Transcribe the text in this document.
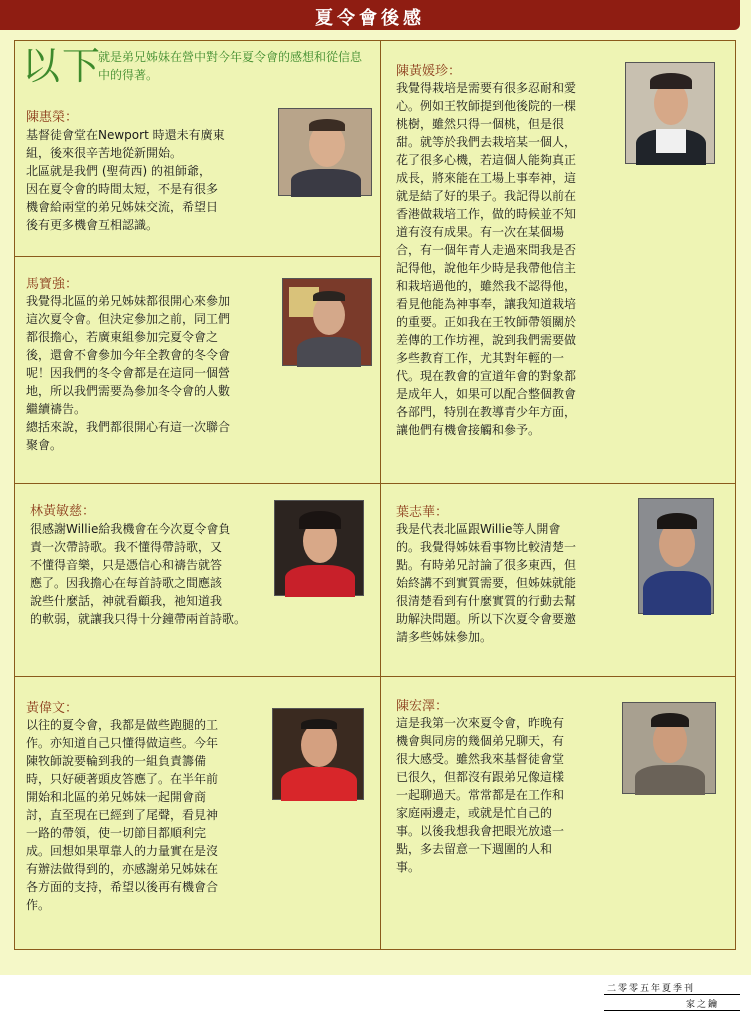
夏令會後感
以下
就是弟兄姊妹在營中對今年夏令會的感想和從信息中的得著。
陳惠榮：
基督徒會堂在Newport 時還未有廣東
組，後來很辛苦地從新開始。
北區就是我們 (聖荷西) 的祖師爺，
因在夏令會的時間太短，不是有很多
機會給兩堂的弟兄姊妹交流，希望日
後有更多機會互相認識。
馬寶強：
我覺得北區的弟兄姊妹都很開心來參加
這次夏令會。但決定參加之前，同工們
都很擔心，若廣東組參加完夏令會之
後，還會不會參加今年全教會的冬令會
呢！因我們的冬令會都是在這同一個營
地，所以我們需要為參加冬令會的人數
繼續禱告。
總括來說，我們都很開心有這一次聯合
聚會。
林黃敏慈：
很感謝Willie給我機會在今次夏令會負
責一次帶詩歌。我不懂得帶詩歌，又
不懂得音樂，只是憑信心和禱告就答
應了。因我擔心在每首詩歌之間應該
說些什麼話，神就看顧我，祂知道我
的軟弱，就讓我只得十分鐘帶兩首詩歌。
黃偉文：
以往的夏令會，我都是做些跑腿的工
作。亦知道自己只懂得做這些。今年
陳牧師說要輪到我的一組負責籌備
時，只好硬著頭皮答應了。在半年前
開始和北區的弟兄姊妹一起開會商
討，直至現在已經到了尾聲，看見神
一路的帶領，使一切節目都順利完
成。回想如果單靠人的力量實在是沒
有辦法做得到的，亦感謝弟兄姊妹在
各方面的支持，希望以後再有機會合
作。
陳黃媛珍：
我覺得栽培是需要有很多忍耐和愛
心。例如王牧師提到他後院的一棵
桃樹，雖然只得一個桃，但是很
甜。就等於我們去栽培某一個人，
花了很多心機，若這個人能夠真正
成長，將來能在工場上事奉神，這
就是結了好的果子。我記得以前在
香港做栽培工作，做的時候並不知
道有沒有成果。有一次在某個場
合，有一個年青人走過來問我是否
記得他，說他年少時是我帶他信主
和栽培過他的，雖然我不認得他，
看見他能為神事奉，讓我知道栽培
的重要。正如我在王牧師帶領關於
差傳的工作坊裡，說到我們需要做
多些教育工作，尤其對年輕的一
代。現在教會的宣道年會的對象都
是成年人，如果可以配合整個教會
各部門，特別在教導青少年方面，
讓他們有機會接觸和參予。
葉志華：
我是代表北區跟Willie等人開會
的。我覺得姊妹看事物比較清楚一
點。有時弟兄討論了很多東西，但
始終講不到實質需要，但姊妹就能
很清楚看到有什麼實質的行動去幫
助解決問題。所以下次夏令會要邀
請多些姊妹參加。
陳宏澤：
這是我第一次來夏令會，昨晚有
機會與同房的幾個弟兄聊天，有
很大感受。雖然我來基督徒會堂
已很久，但都沒有跟弟兄像這樣
一起聊過天。常常都是在工作和
家庭兩邊走，或就是忙自己的
事。以後我想我會把眼光放遠一
點，多去留意一下週圍的人和
事。
二零零五年夏季刊
家之鑰
